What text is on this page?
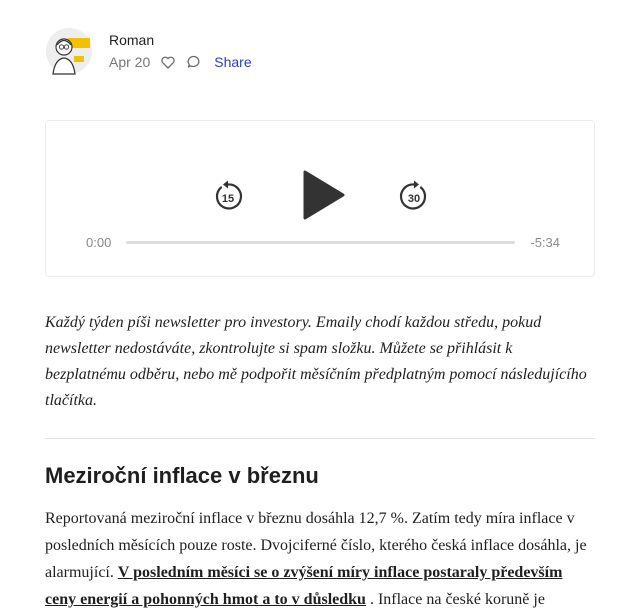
Roman
Apr 20	Share
15	30
0:00	-5:34

Každý týden píši newsletter pro investory. Emaily chodí každou středu, pokud newsletter nedostáváte, zkontrolujte si spam složku. Můžete se přihlásit k bezplatnému odběru, nebo mě podpořit měsíčním předplatným pomocí následujícího tlačítka.

Meziroční inflace v březnu

Reportovaná meziroční inflace v březnu dosáhla 12,7 %. Zatím tedy míra inflace v posledních měsících pouze roste. Dvojciferné číslo, kterého česká inflace dosáhla, je alarmující. V posledním měsíci se o zvýšení míry inflace postaraly především ceny energií a pohonných hmot a to v důsledku . Inflace na české koruně je
